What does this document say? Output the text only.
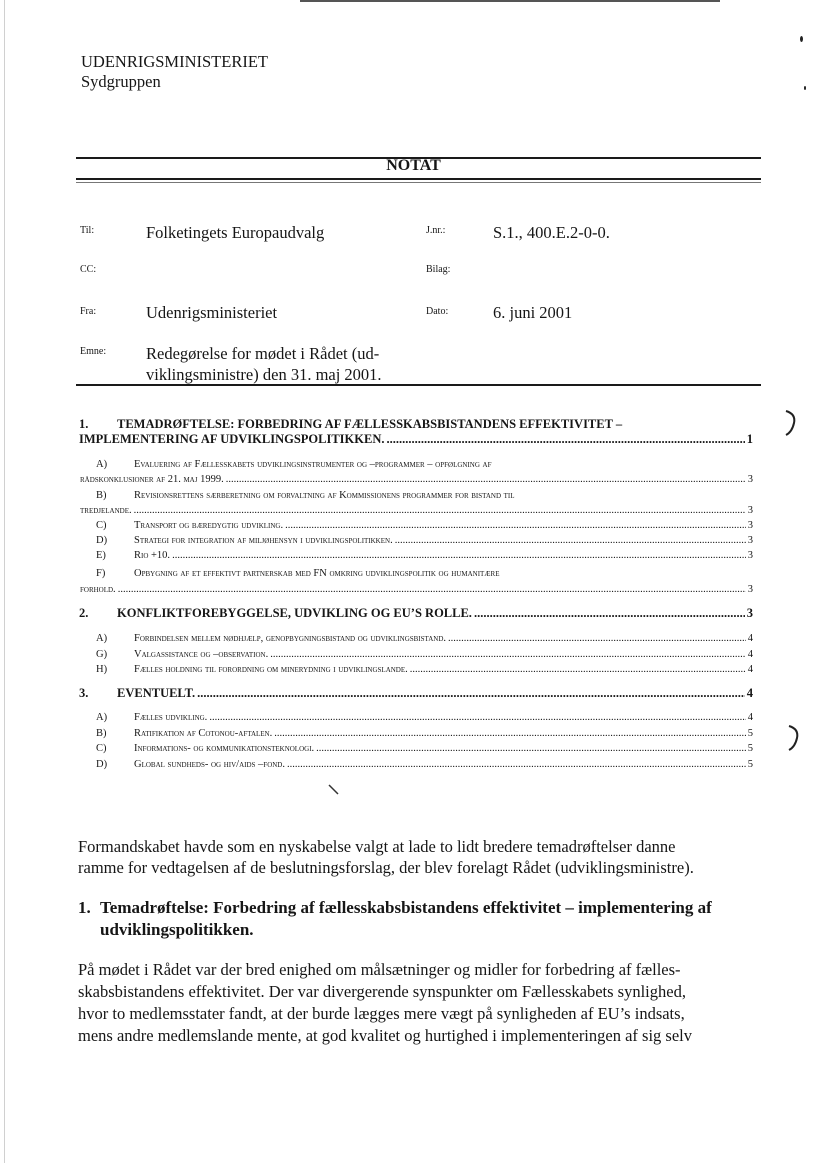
UDENRIGSMINISTERIET
Sydgruppen
NOTAT
Til:	Folketingets Europaudvalg	J.nr.:	S.1., 400.E.2-0-0.
CC:	Bilag:
Fra:	Udenrigsministeriet	Dato:	6. juni 2001
Emne: Redegørelse for mødet i Rådet (ud-
viklingsministre) den 31. maj 2001.
1.	TEMADRØFTELSE: FORBEDRING AF FÆLLESSKABSBISTANDENS EFFEKTIVITET –
IMPLEMENTERING AF UDVIKLINGSPOLITIKKEN. .....	1
A)	Evaluering af Fællesskabets udviklingsinstrumenter og –programmer – opfølgning af
rådskonklusioner af 21. maj 1999. .....	3
B)	Revisionsrettens særberetning om forvaltning af Kommissionens programmer for bistand til
tredjelande. .....	3
C)	Transport og bæredygtig udvikling. .....	3
D)	Strategi for integration af miljøhensyn i udviklingspolitikken. .....	3
E)	Rio +10. .....	3
F)	Opbygning af et effektivt partnerskab med FN omkring udviklingspolitik og humanitære
forhold. .....	3
2.	KONFLIKTFOREBYGGELSE, UDVIKLING OG EU’S ROLLE. .....	3
A)	Forbindelsen mellem nødhjælp, genopbygningsbistand og udviklingsbistand. .....	4
G)	Valgassistance og –observation. .....	4
H)	Fælles holdning til forordning om minerydning i udviklingslande. .....	4
3.	EVENTUELT. .....	4
A)	Fælles udvikling. .....	4
B)	Ratifikation af Cotonou-aftalen. .....	5
C)	Informations- og kommunikationsteknologi. .....	5
D)	Global sundheds- og hiv/aids –fond. .....	5
Formandskabet havde som en nyskabelse valgt at lade to lidt bredere temadrøftelser danne
ramme for vedtagelsen af de beslutningsforslag, der blev forelagt Rådet (udviklingsministre).
1. Temadrøftelse: Forbedring af fællesskabsbistandens effektivitet – implementering af
udviklingspolitikken.
På mødet i Rådet var der bred enighed om målsætninger og midler for forbedring af fælles-
skabsbistandens effektivitet. Der var divergerende synspunkter om Fællesskabets synlighed,
hvor to medlemsstater fandt, at der burde lægges mere vægt på synligheden af EU’s indsats,
mens andre medlemslande mente, at god kvalitet og hurtighed i implementeringen af sig selv
